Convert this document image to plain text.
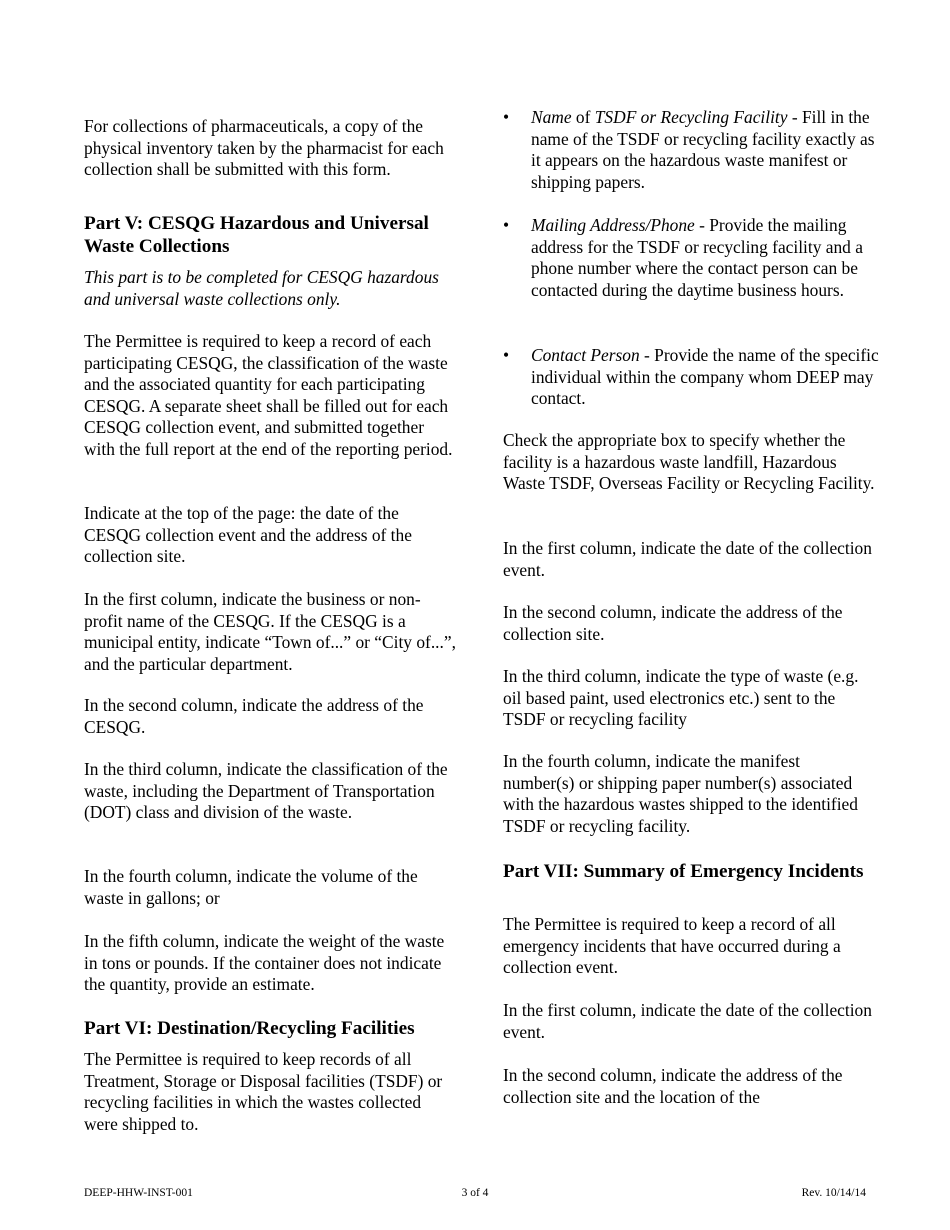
For collections of pharmaceuticals, a copy of the physical inventory taken by the pharmacist for each collection shall be submitted with this form.

Part V: CESQG Hazardous and Universal Waste Collections

This part is to be completed for CESQG hazardous and universal waste collections only.

The Permittee is required to keep a record of each participating CESQG, the classification of the waste and the associated quantity for each participating CESQG. A separate sheet shall be filled out for each CESQG collection event, and submitted together with the full report at the end of the reporting period.

Indicate at the top of the page: the date of the CESQG collection event and the address of the collection site.

In the first column, indicate the business or non-profit name of the CESQG. If the CESQG is a municipal entity, indicate “Town of...” or “City of...”, and the particular department.

In the second column, indicate the address of the CESQG.

In the third column, indicate the classification of the waste, including the Department of Transportation (DOT) class and division of the waste.

In the fourth column, indicate the volume of the waste in gallons; or

In the fifth column, indicate the weight of the waste in tons or pounds. If the container does not indicate the quantity, provide an estimate.

Part VI: Destination/Recycling Facilities

The Permittee is required to keep records of all Treatment, Storage or Disposal facilities (TSDF) or recycling facilities in which the wastes collected were shipped to.

• Name of TSDF or Recycling Facility - Fill in the name of the TSDF or recycling facility exactly as it appears on the hazardous waste manifest or shipping papers.
• Mailing Address/Phone - Provide the mailing address for the TSDF or recycling facility and a phone number where the contact person can be contacted during the daytime business hours.
• Contact Person - Provide the name of the specific individual within the company whom DEEP may contact.

Check the appropriate box to specify whether the facility is a hazardous waste landfill, Hazardous Waste TSDF, Overseas Facility or Recycling Facility.

In the first column, indicate the date of the collection event.

In the second column, indicate the address of the collection site.

In the third column, indicate the type of waste (e.g. oil based paint, used electronics etc.) sent to the TSDF or recycling facility

In the fourth column, indicate the manifest number(s) or shipping paper number(s) associated with the hazardous wastes shipped to the identified TSDF or recycling facility.

Part VII: Summary of Emergency Incidents

The Permittee is required to keep a record of all emergency incidents that have occurred during a collection event.

In the first column, indicate the date of the collection event.

In the second column, indicate the address of the collection site and the location of the

DEEP-HHW-INST-001	3 of 4	Rev. 10/14/14
